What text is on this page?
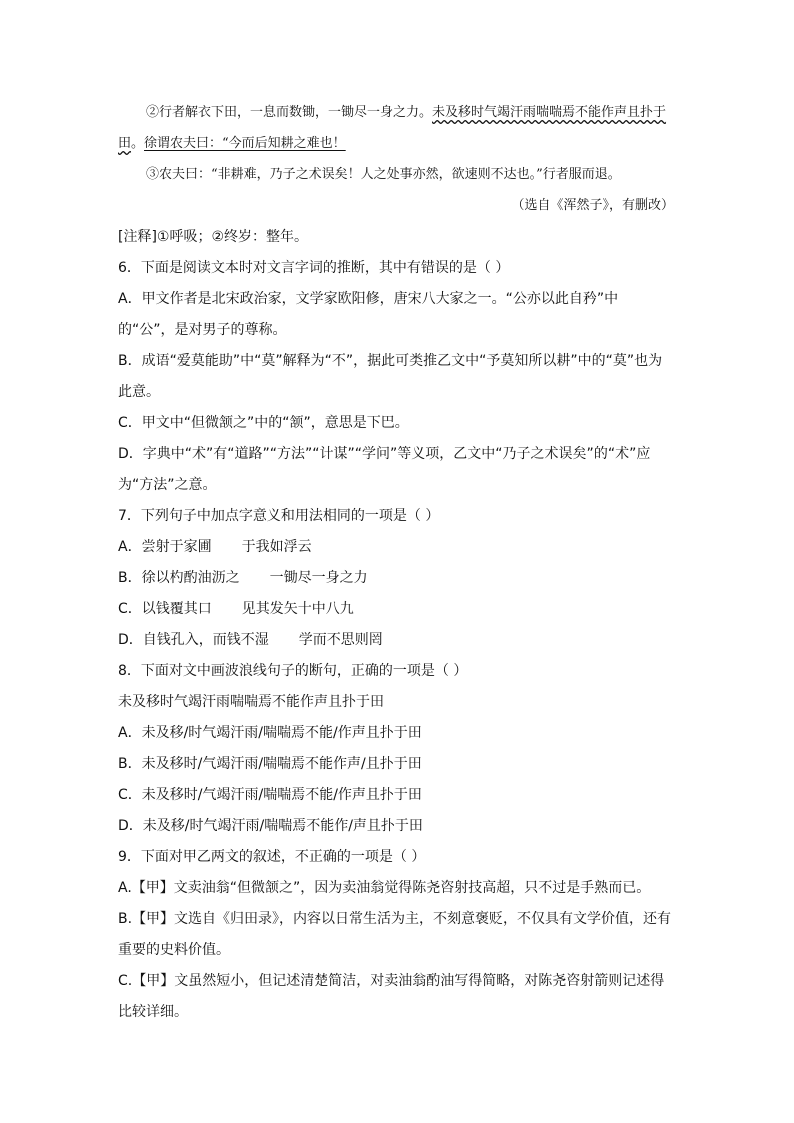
②行者解衣下田，一息而数锄，一锄尽一身之力。未及移时气竭汗雨喘喘焉不能作声且扑于田。徐谓农夫曰：“今而后知耕之难也！
③农夫曰：“非耕难，乃子之术误矣！人之处事亦然，欲速则不达也。”行者服而退。
（选自《浑然子》，有删改）
[注释]①呼吸；②终岁：整年。
6．下面是阅读文本时对文言字词的推断，其中有错误的是（ ）
A．甲文作者是北宋政治家，文学家欧阳修，唐宋八大家之一。“公亦以此自矜”中的“公”，是对男子的尊称。
B．成语“爱莫能助”中“莫”解释为“不”，据此可类推乙文中“予莫知所以耕”中的“莫”也为此意。
C．甲文中“但微颔之”中的“颔”，意思是下巴。
D．字典中“术”有“道路”“方法”“计谋”“学问”等义项，乙文中“乃子之术误矣”的“术”应为“方法”之意。
7．下列句子中加点字意义和用法相同的一项是（ ）
A．尝射于家圃 于我如浮云
B．徐以杓酌油沥之 一锄尽一身之力
C．以钱覆其口 见其发矢十中八九
D．自钱孔入，而钱不湿 学而不思则罔
8．下面对文中画波浪线句子的断句，正确的一项是（ ）
未及移时气竭汗雨喘喘焉不能作声且扑于田
A．未及移/时气竭汗雨/喘喘焉不能/作声且扑于田
B．未及移时/气竭汗雨/喘喘焉不能作声/且扑于田
C．未及移时/气竭汗雨/喘喘焉不能/作声且扑于田
D．未及移/时气竭汗雨/喘喘焉不能作/声且扑于田
9．下面对甲乙两文的叙述，不正确的一项是（ ）
A.【甲】文卖油翁“但微颔之”，因为卖油翁觉得陈尧咨射技高超，只不过是手熟而已。
B.【甲】文选自《归田录》，内容以日常生活为主，不刻意褒贬，不仅具有文学价值，还有重要的史料价值。
C.【甲】文虽然短小，但记述清楚简洁，对卖油翁酌油写得简略，对陈尧咨射箭则记述得比较详细。
